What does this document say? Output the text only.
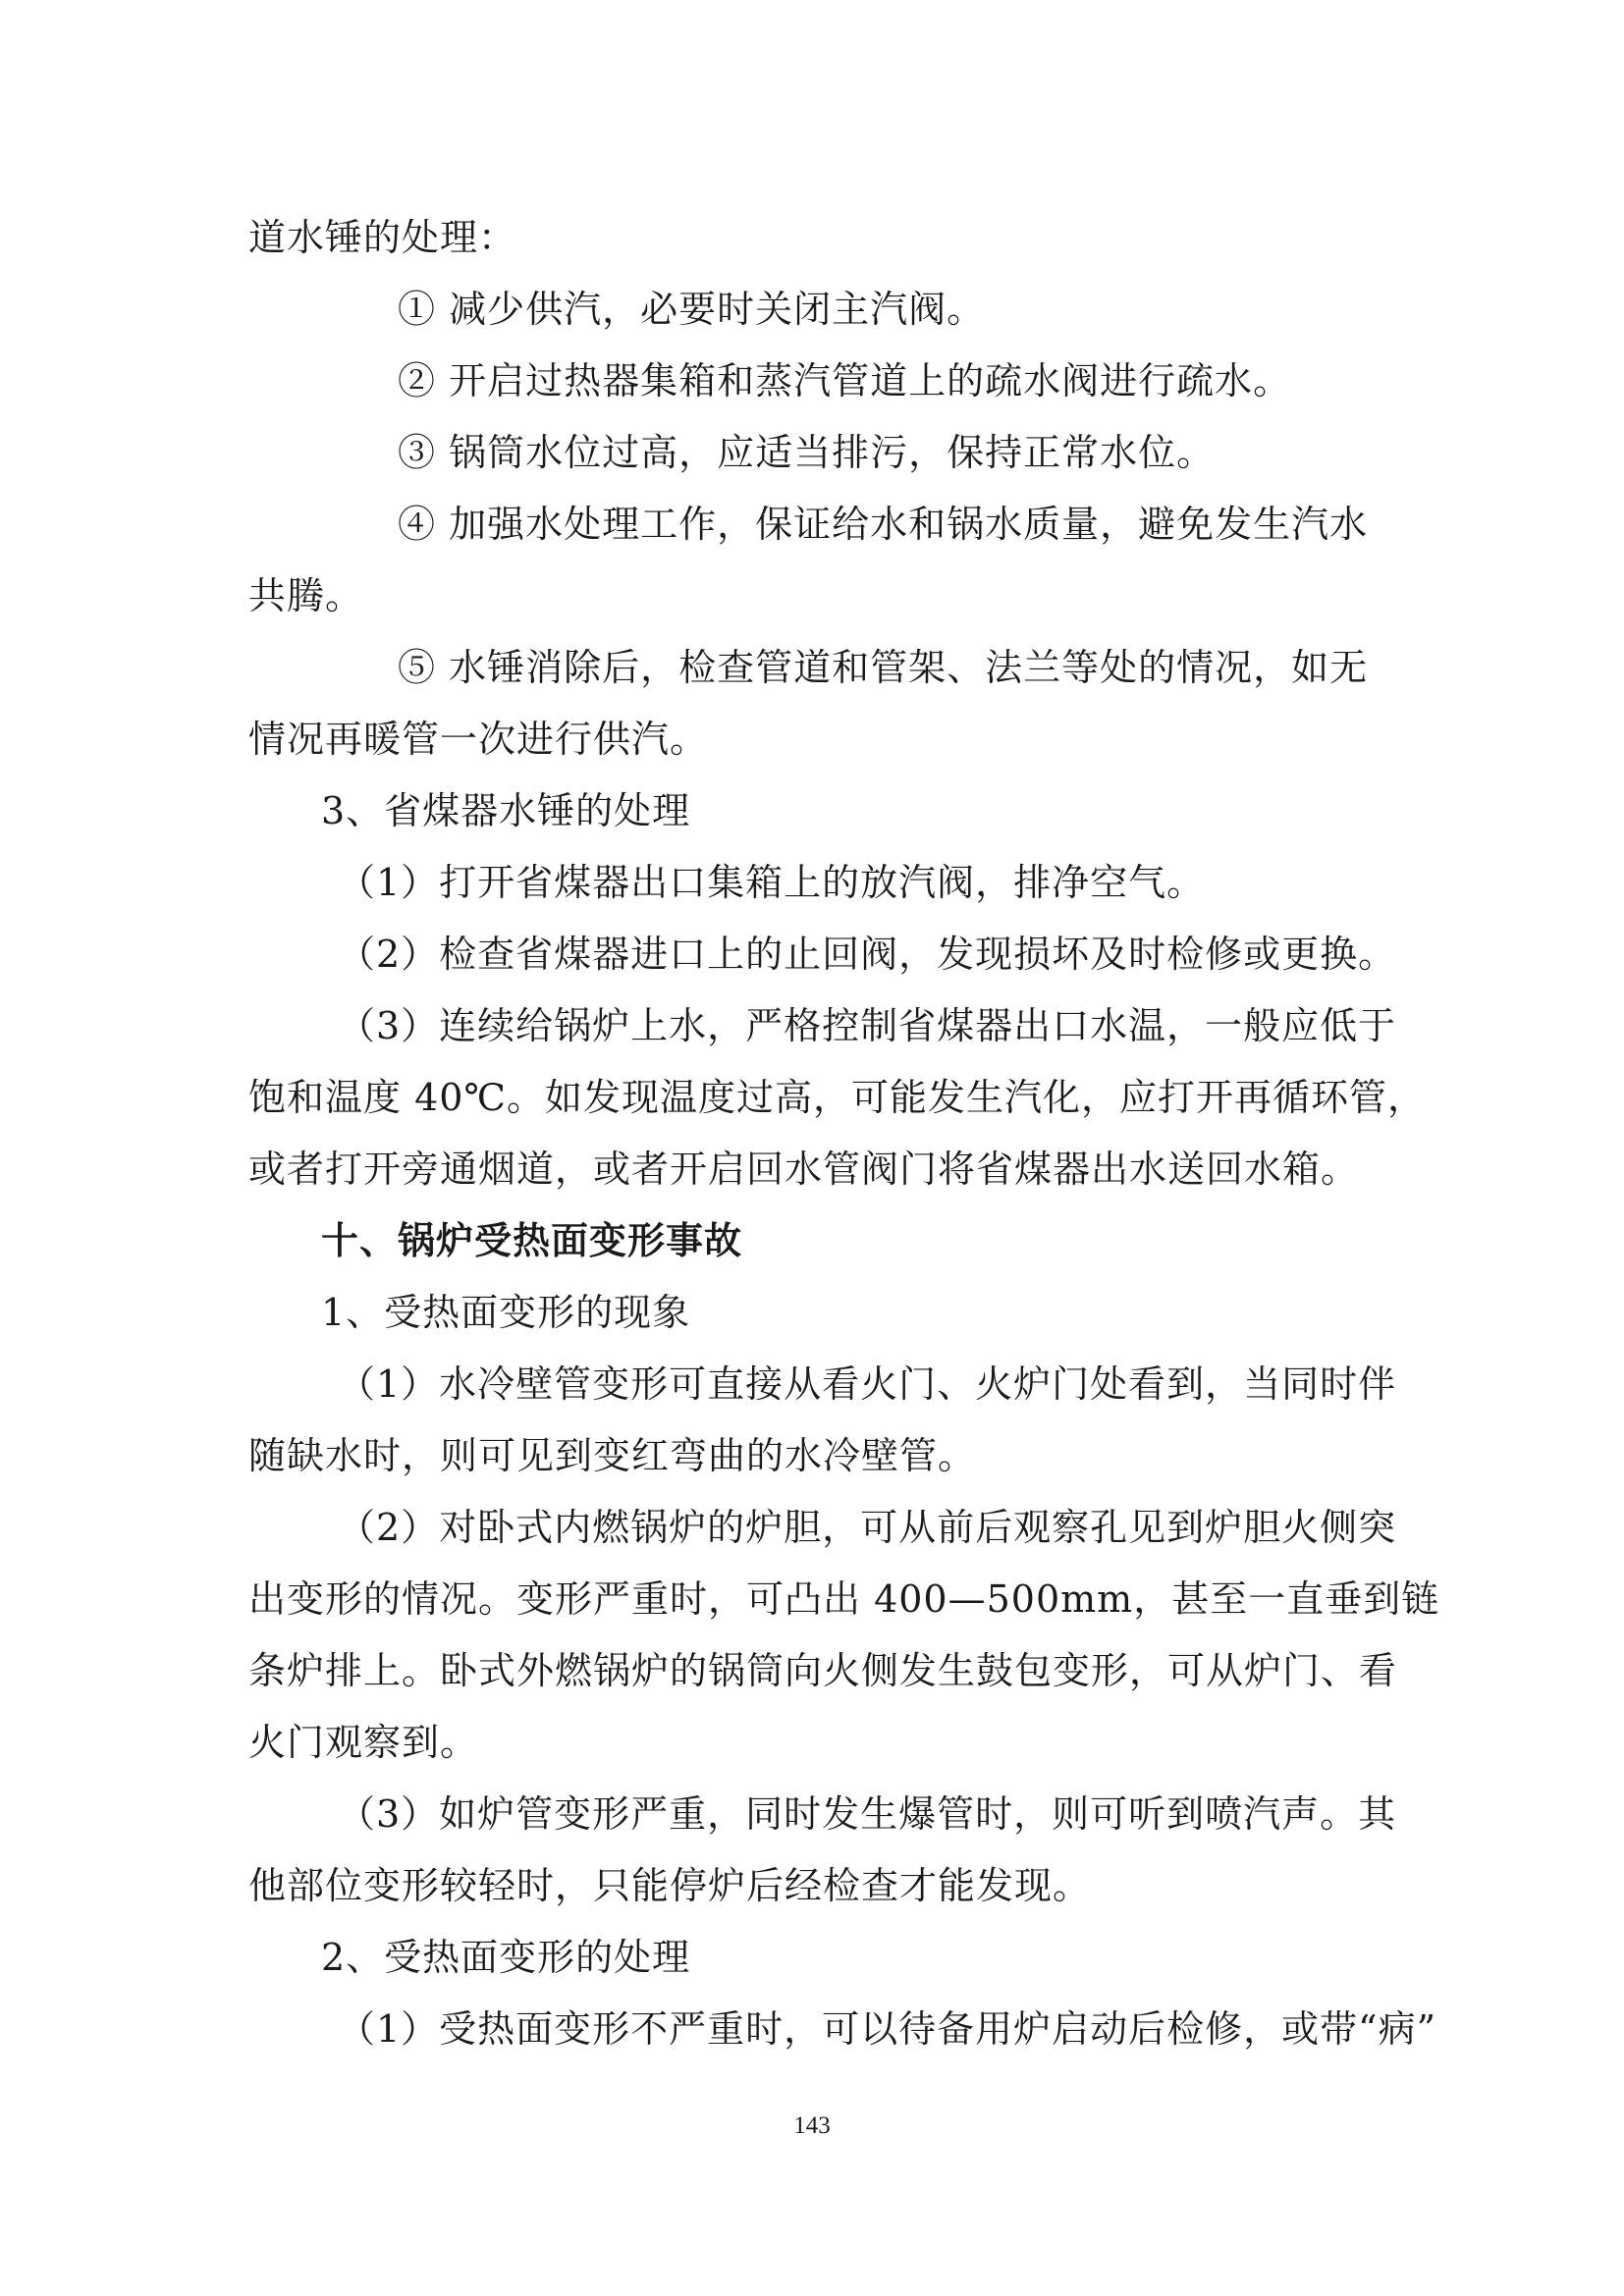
道水锤的处理：
① 减少供汽，必要时关闭主汽阀。
② 开启过热器集箱和蒸汽管道上的疏水阀进行疏水。
③ 锅筒水位过高，应适当排污，保持正常水位。
④ 加强水处理工作，保证给水和锅水质量，避免发生汽水
共腾。
⑤ 水锤消除后，检查管道和管架、法兰等处的情况，如无
情况再暖管一次进行供汽。
3、省煤器水锤的处理
（1）打开省煤器出口集箱上的放汽阀，排净空气。
（2）检查省煤器进口上的止回阀，发现损坏及时检修或更换。
（3）连续给锅炉上水，严格控制省煤器出口水温，一般应低于
饱和温度 40℃。如发现温度过高，可能发生汽化，应打开再循环管，
或者打开旁通烟道，或者开启回水管阀门将省煤器出水送回水箱。
十、锅炉受热面变形事故
1、受热面变形的现象
（1）水冷壁管变形可直接从看火门、火炉门处看到，当同时伴
随缺水时，则可见到变红弯曲的水冷壁管。
（2）对卧式内燃锅炉的炉胆，可从前后观察孔见到炉胆火侧突
出变形的情况。变形严重时，可凸出 400—500mm，甚至一直垂到链
条炉排上。卧式外燃锅炉的锅筒向火侧发生鼓包变形，可从炉门、看
火门观察到。
（3）如炉管变形严重，同时发生爆管时，则可听到喷汽声。其
他部位变形较轻时，只能停炉后经检查才能发现。
2、受热面变形的处理
（1）受热面变形不严重时，可以待备用炉启动后检修，或带“病”
143
